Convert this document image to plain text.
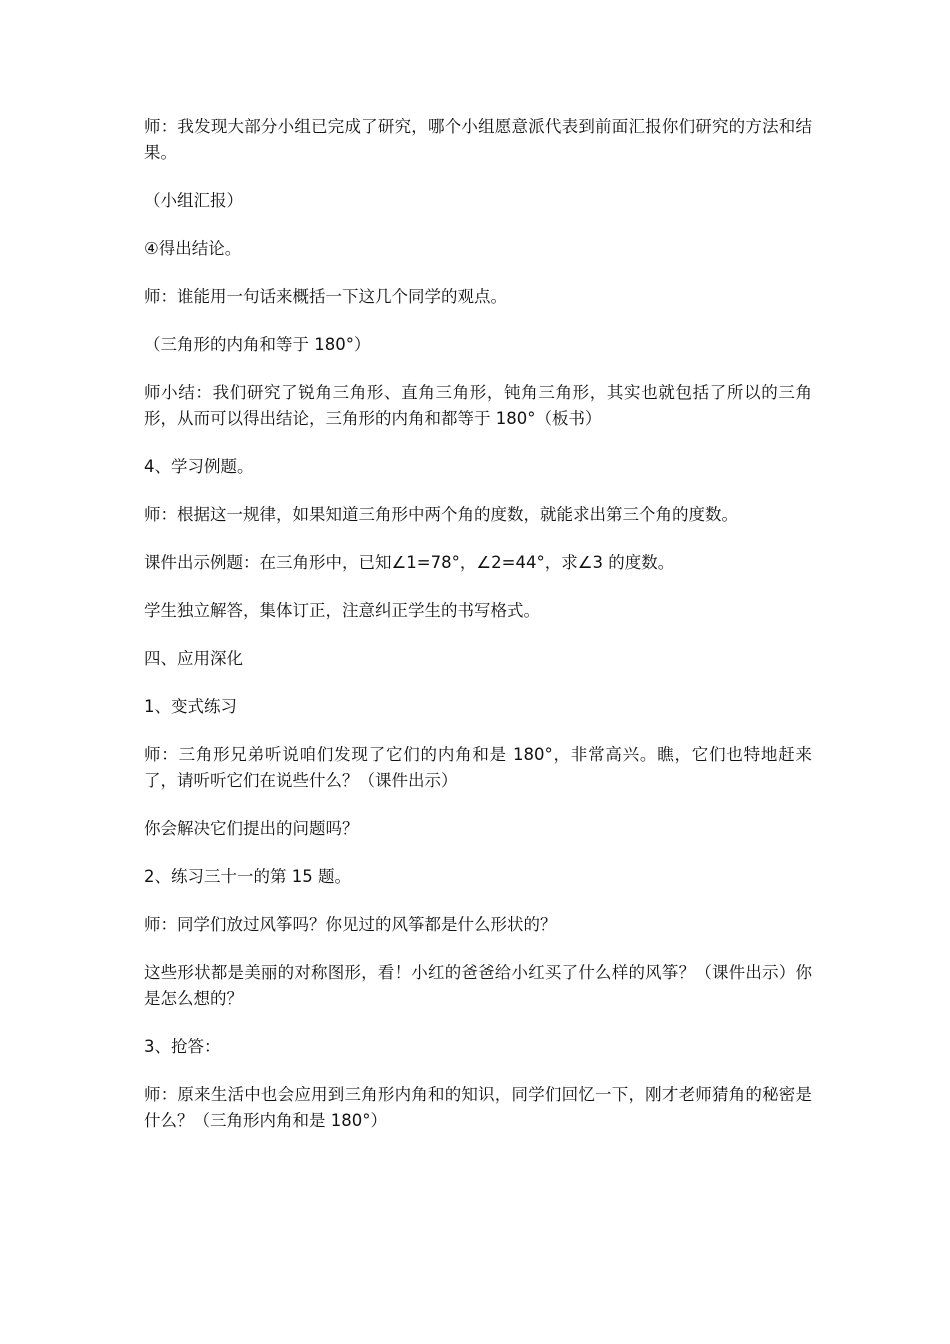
师：我发现大部分小组已完成了研究，哪个小组愿意派代表到前面汇报你们研究的方法和结果。

（小组汇报）

④得出结论。

师：谁能用一句话来概括一下这几个同学的观点。

（三角形的内角和等于 180°）

师小结：我们研究了锐角三角形、直角三角形，钝角三角形，其实也就包括了所以的三角形，从而可以得出结论，三角形的内角和都等于 180°（板书）

4、学习例题。

师：根据这一规律，如果知道三角形中两个角的度数，就能求出第三个角的度数。

课件出示例题：在三角形中，已知∠1=78°，∠2=44°，求∠3 的度数。

学生独立解答，集体订正，注意纠正学生的书写格式。

四、应用深化

1、变式练习

师：三角形兄弟听说咱们发现了它们的内角和是 180°，非常高兴。瞧，它们也特地赶来了，请听听它们在说些什么？（课件出示）

你会解决它们提出的问题吗？

2、练习三十一的第 15 题。

师：同学们放过风筝吗？你见过的风筝都是什么形状的？

这些形状都是美丽的对称图形，看！小红的爸爸给小红买了什么样的风筝？（课件出示）你是怎么想的？

3、抢答：

师：原来生活中也会应用到三角形内角和的知识，同学们回忆一下，刚才老师猜角的秘密是什么？（三角形内角和是 180°）
